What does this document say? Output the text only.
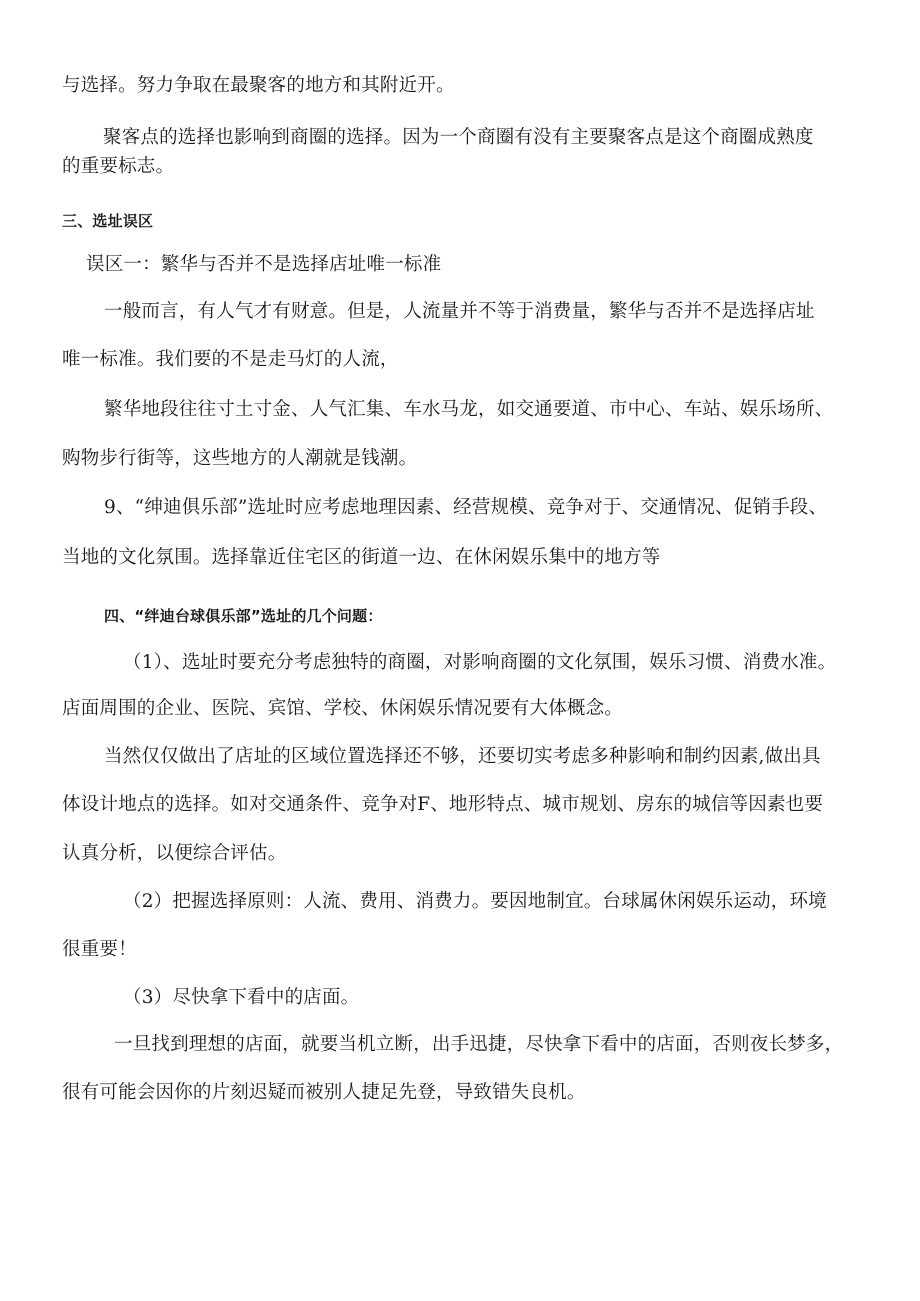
与选择。努力争取在最聚客的地方和其附近开。
聚客点的选择也影响到商圈的选择。因为一个商圈有没有主要聚客点是这个商圈成熟度
的重要标志。
三、选址误区
误区一：繁华与否并不是选择店址唯一标准
一般而言，有人气才有财意。但是，人流量并不等于消费量，繁华与否并不是选择店址
唯一标准。我们要的不是走马灯的人流，
繁华地段往往寸土寸金、人气汇集、车水马龙，如交通要道、市中心、车站、娱乐场所、
购物步行街等，这些地方的人潮就是钱潮。
9、“绅迪俱乐部”选址时应考虑地理因素、经营规模、竞争对于、交通情况、促销手段、
当地的文化氛围。选择靠近住宅区的街道一边、在休闲娱乐集中的地方等
四、“绊迪台球俱乐部”选址的几个问题：
（1）、选址时要充分考虑独特的商圈，对影响商圈的文化氛围，娱乐习惯、消费水准。
店面周围的企业、医院、宾馆、学校、休闲娱乐情况要有大体概念。
当然仅仅做出了店址的区域位置选择还不够，还要切实考虑多种影响和制约因素,做出具
体设计地点的选择。如对交通条件、竞争对F、地形特点、城市规划、房东的城信等因素也要
认真分析，以便综合评估。
（2）把握选择原则：人流、费用、消费力。要因地制宜。台球属休闲娱乐运动，环境
很重要！
（3）尽快拿下看中的店面。
一旦找到理想的店面，就要当机立断，出手迅捷，尽快拿下看中的店面，否则夜长梦多，
很有可能会因你的片刻迟疑而被别人捷足先登，导致错失良机。
